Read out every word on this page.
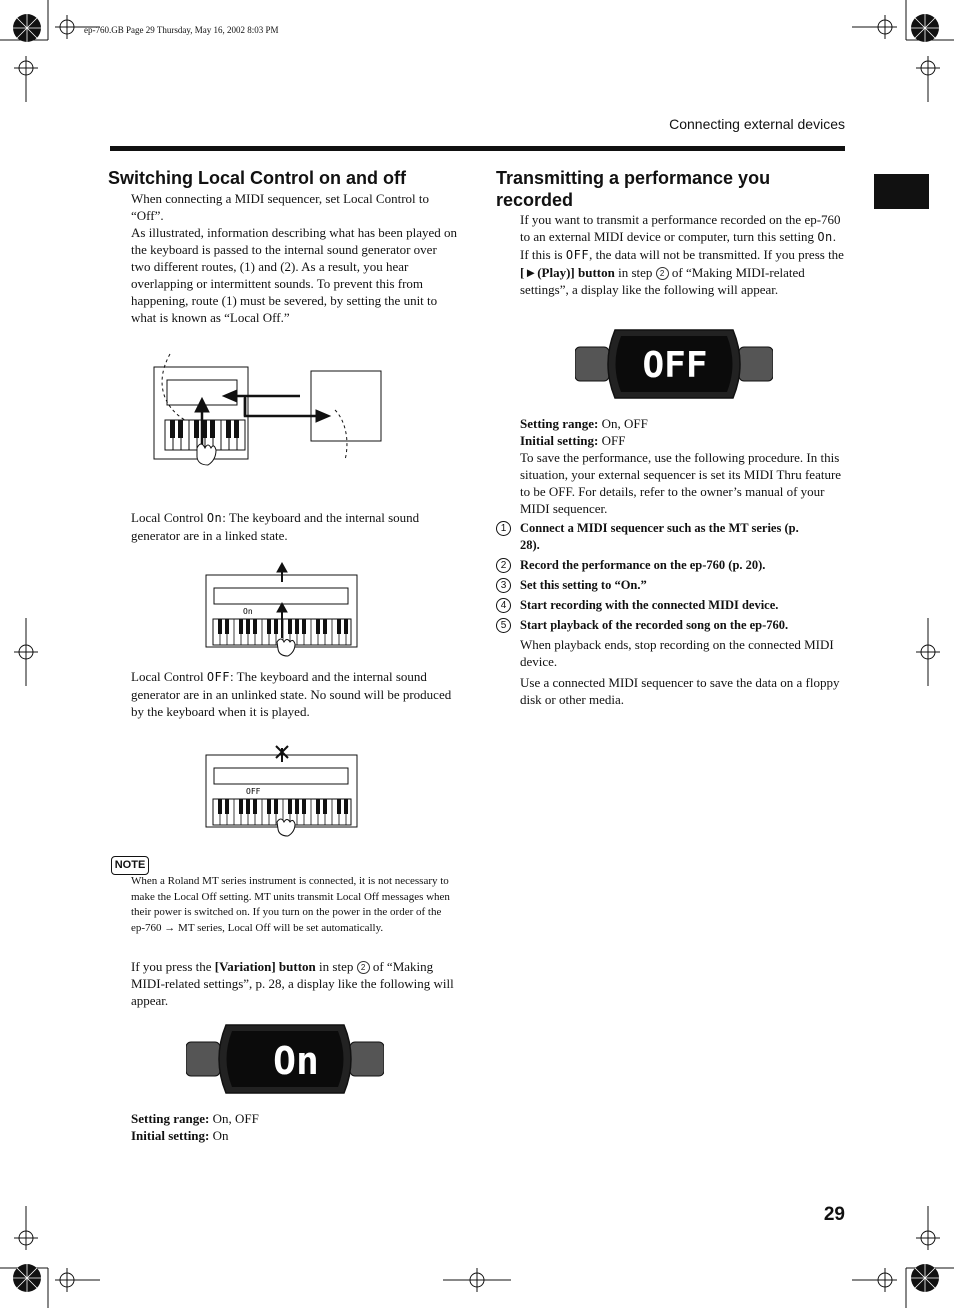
ep-760.GB Page 29 Thursday, May 16, 2002 8:03 PM
Connecting external devices
Switching Local Control on and off

When connecting a MIDI sequencer, set Local Control to “Off”.

As illustrated, information describing what has been played on the keyboard is passed to the internal sound generator over two different routes, (1) and (2). As a result, you hear overlapping or intermittent sounds. To prevent this from happening, route (1) must be severed, by setting the unit to what is known as “Local Off.”

Local Control On: The keyboard and the internal sound generator are in a linked state.

On

Local Control OFF: The keyboard and the internal sound generator are in an unlinked state. No sound will be produced by the keyboard when it is played.

OFF
NOTE
When a Roland MT series instrument is connected, it is not necessary to make the Local Off setting. MT units transmit Local Off messages when their power is switched on. If you turn on the power in the order of the ep-760 → MT series, Local Off will be set automatically.

If you press the [Variation] button in step 2 of “Making MIDI-related settings”, p. 28, a display like the following will appear.

On

Setting range: On, OFF

Initial setting: On

Transmitting a performance you
recorded

If you want to transmit a performance recorded on the ep-760 to an external MIDI device or computer, turn this setting On. If this is OFF, the data will not be transmitted. If you press the [►(Play)] button in step 2 of “Making MIDI-related settings”, a display like the following will appear.

OFF

Setting range: On, OFF

Initial setting: OFF

To save the performance, use the following procedure. In this situation, your external sequencer is set its MIDI Thru feature to be OFF. For details, refer to the owner’s manual of your MIDI sequencer.

1	Connect a MIDI sequencer such as the MT series (p. 28).
2	Record the performance on the ep-760 (p. 20).
3	Set this setting to “On.”
4	Start recording with the connected MIDI device.
5	Start playback of the recorded song on the ep-760.

When playback ends, stop recording on the connected MIDI device.

Use a connected MIDI sequencer to save the data on a floppy disk or other media.

29
